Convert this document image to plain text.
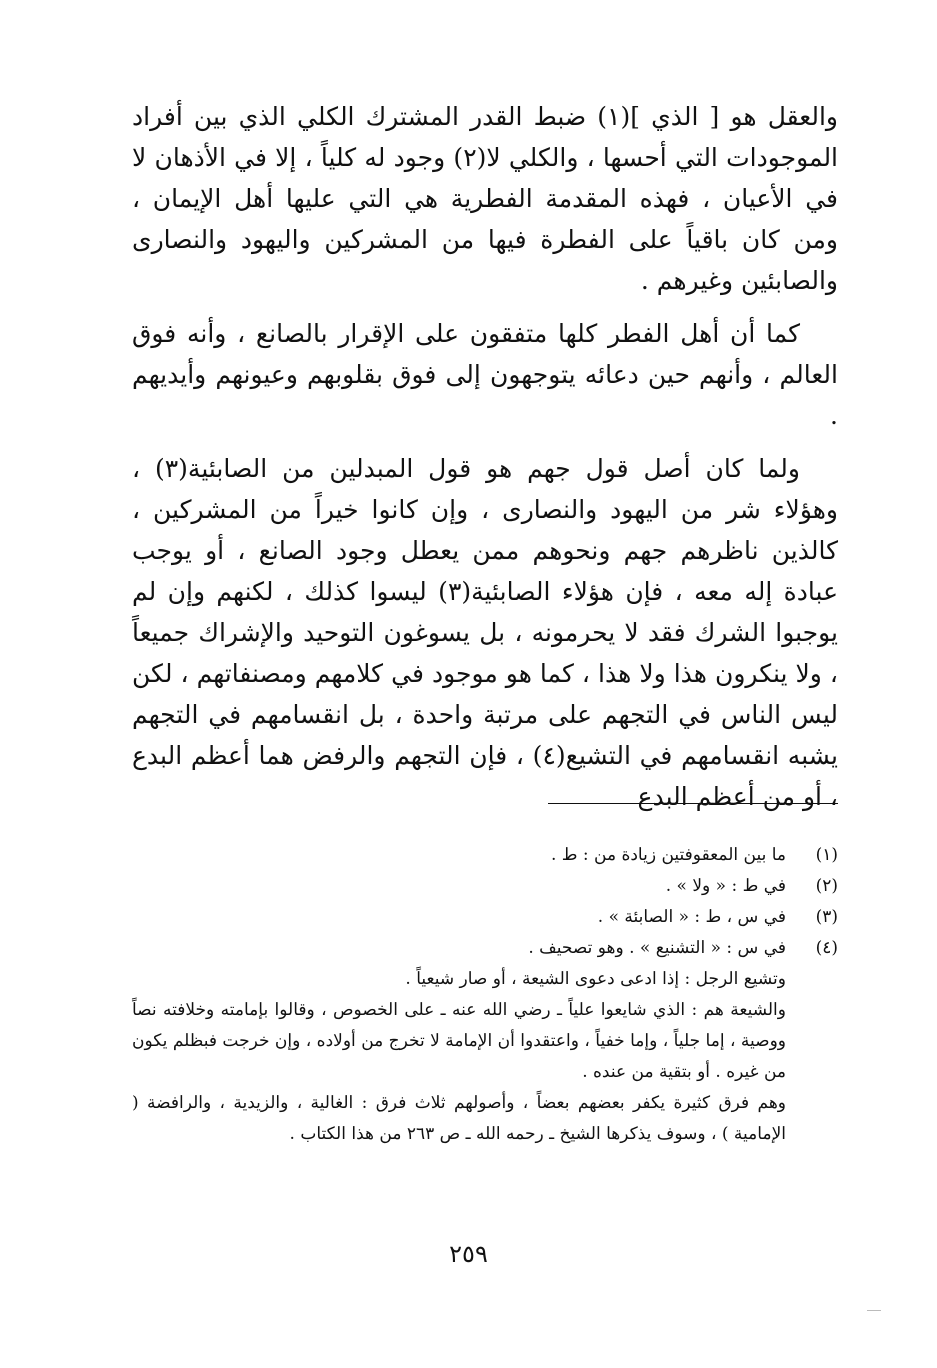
والعقل هو [ الذي ](١) ضبط القدر المشترك الكلي الذي بين أفراد الموجودات التي أحسها ، والكلي لا(٢) وجود له كلياً ، إلا في الأذهان لا في الأعيان ، فهذه المقدمة الفطرية هي التي عليها أهل الإيمان ، ومن كان باقياً على الفطرة فيها من المشركين واليهود والنصارى والصابئين وغيرهم .

كما أن أهل الفطر كلها متفقون على الإقرار بالصانع ، وأنه فوق العالم ، وأنهم حين دعائه يتوجهون إلى فوق بقلوبهم وعيونهم وأيديهم .

ولما كان أصل قول جهم هو قول المبدلين من الصابئية(٣) ، وهؤلاء شر من اليهود والنصارى ، وإن كانوا خيراً من المشركين ، كالذين ناظرهم جهم ونحوهم ممن يعطل وجود الصانع ، أو يوجب عبادة إله معه ، فإن هؤلاء الصابئية(٣) ليسوا كذلك ، لكنهم وإن لم يوجبوا الشرك فقد لا يحرمونه ، بل يسوغون التوحيد والإشراك جميعاً ، ولا ينكرون هذا ولا هذا ، كما هو موجود في كلامهم ومصنفاتهم ، لكن ليس الناس في التجهم على مرتبة واحدة ، بل انقسامهم في التجهم يشبه انقسامهم في التشيع(٤) ، فإن التجهم والرفض هما أعظم البدع ، أو من أعظم البدع

(١)
ما بين المعقوفتين زيادة من : ط .
(٢)
في ط : « ولا » .
(٣)
في س ، ط : « الصابئة » .
(٤)
في س : « التشنيع » . وهو تصحيف .

وتشيع الرجل : إذا ادعى دعوى الشيعة ، أو صار شيعياً .

والشيعة هم : الذي شايعوا علياً ـ رضي الله عنه ـ على الخصوص ، وقالوا بإمامته وخلافته نصاً ووصية ، إما جلياً ، وإما خفياً ، واعتقدوا أن الإمامة لا تخرج من أولاده ، وإن خرجت فبظلم يكون من غيره . أو بتقية من عنده .

وهم فرق كثيرة يكفر بعضهم بعضاً ، وأصولهم ثلاث فرق : الغالية ، والزيدية ، والرافضة ( الإمامية ) ، وسوف يذكرها الشيخ ـ رحمه الله ـ ص ٢٦٣ من هذا الكتاب .

٢٥٩
